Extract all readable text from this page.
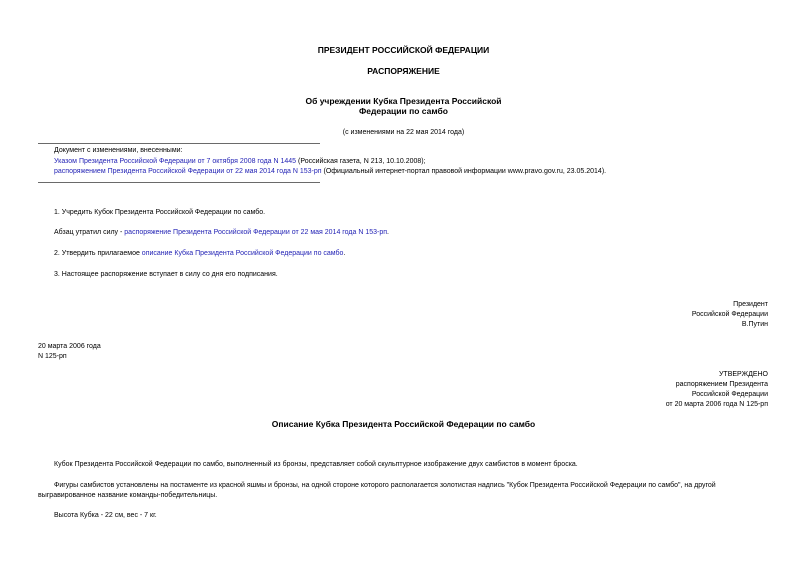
ПРЕЗИДЕНТ РОССИЙСКОЙ ФЕДЕРАЦИИ
РАСПОРЯЖЕНИЕ
Об учреждении Кубка Президента Российской
Федерации по самбо
(с изменениями на 22 мая 2014 года)
Документ с изменениями, внесенными:
Указом Президента Российской Федерации от 7 октября 2008 года N 1445 (Российская газета, N 213, 10.10.2008);
распоряжением Президента Российской Федерации от 22 мая 2014 года N 153-рп (Официальный интернет-портал правовой информации www.pravo.gov.ru, 23.05.2014).
1. Учредить Кубок Президента Российской Федерации по самбо.
Абзац утратил силу - распоряжение Президента Российской Федерации от 22 мая 2014 года N 153-рп.
2. Утвердить прилагаемое описание Кубка Президента Российской Федерации по самбо.
3. Настоящее распоряжение вступает в силу со дня его подписания.
Президент
Российской Федерации
В.Путин
20 марта 2006 года
N 125-рп
УТВЕРЖДЕНО
распоряжением Президента
Российской Федерации
от 20 марта 2006 года N 125-рп
Описание Кубка Президента Российской Федерации по самбо
Кубок Президента Российской Федерации по самбо, выполненный из бронзы, представляет собой скульптурное изображение двух самбистов в момент броска.
Фигуры самбистов установлены на постаменте из красной яшмы и бронзы, на одной стороне которого располагается золотистая надпись "Кубок Президента Российской Федерации по самбо", на другой
выгравированное название команды-победительницы.
Высота Кубка - 22 см, вес - 7 кг.
